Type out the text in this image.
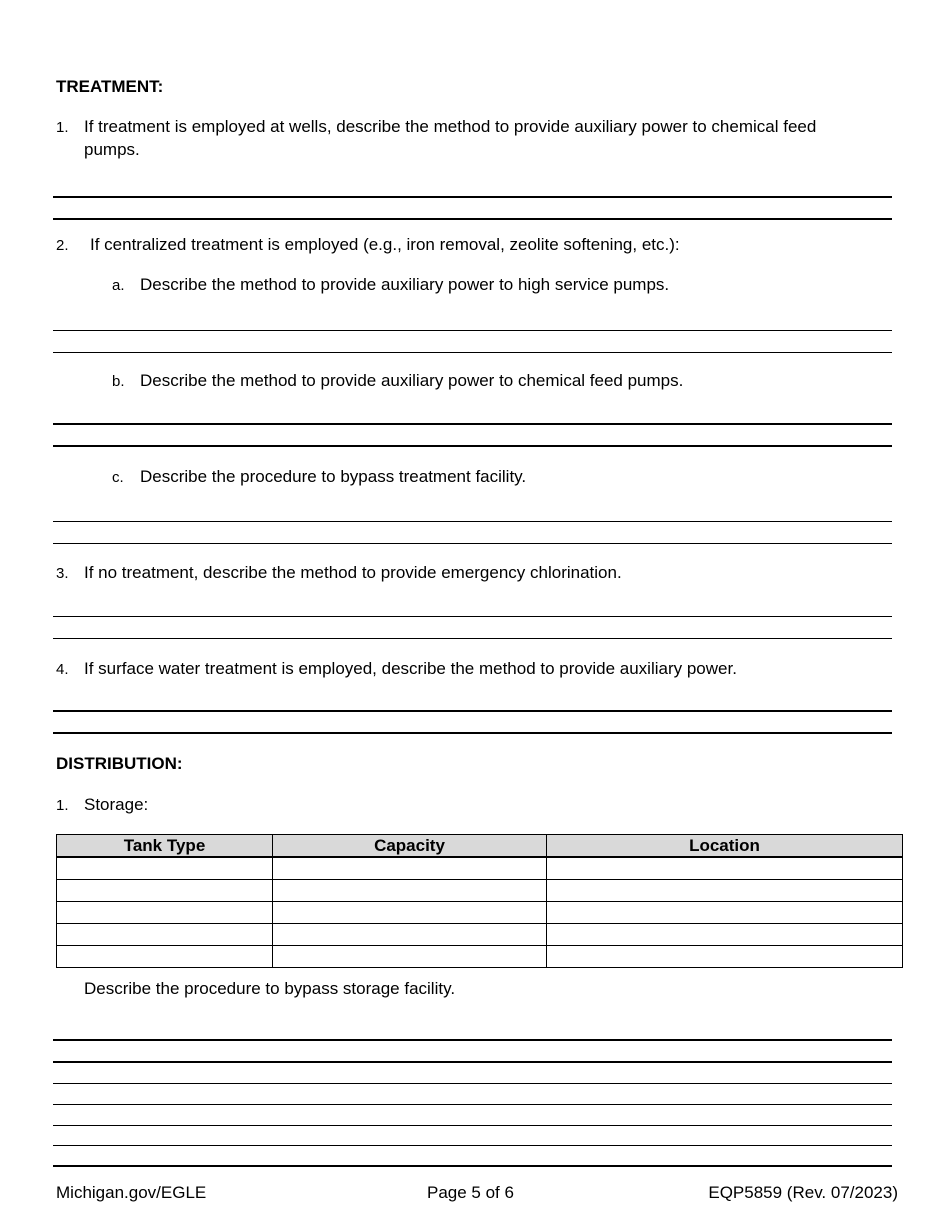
TREATMENT:
1. If treatment is employed at wells, describe the method to provide auxiliary power to chemical feed
pumps.
2. If centralized treatment is employed (e.g., iron removal, zeolite softening, etc.):
a. Describe the method to provide auxiliary power to high service pumps.
b. Describe the method to provide auxiliary power to chemical feed pumps.
c. Describe the procedure to bypass treatment facility.
3. If no treatment, describe the method to provide emergency chlorination.
4. If surface water treatment is employed, describe the method to provide auxiliary power.
DISTRIBUTION:
1. Storage:
Tank Type	Capacity	Location

Describe the procedure to bypass storage facility.
Michigan.gov/EGLE	Page 5 of 6	EQP5859 (Rev. 07/2023)
